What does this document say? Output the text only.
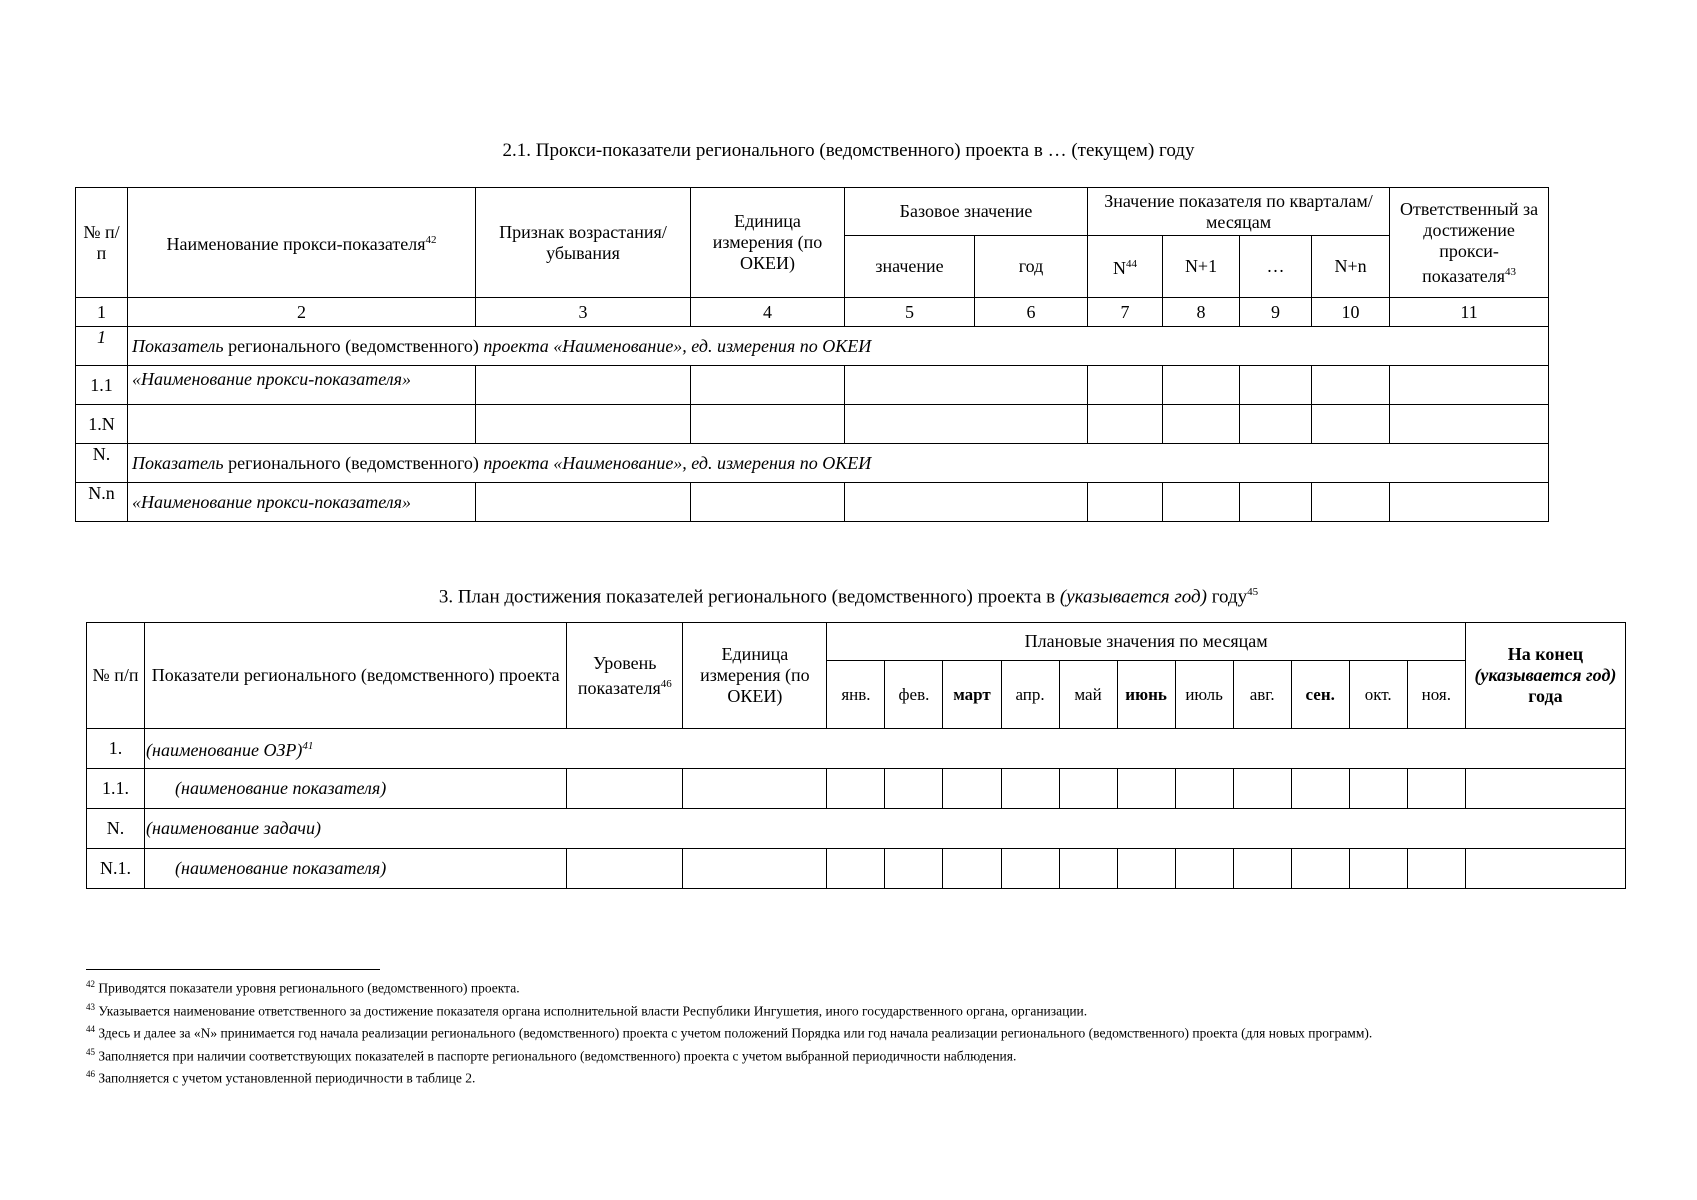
2.1. Прокси-показатели регионального (ведомственного) проекта в … (текущем) году
№ п/п	Наименование прокси-показателя$^{42}$	Признак возрастания/убывания	Единица измерения (по ОКЕИ)	Базовое значение		Значение показателя по кварталам/месяцам				Ответственный за достижение прокси-показателя$^{43}$
				значение	год	$N^{44}$	N+1	…	N+n	
1	2	3	4	5	6	7	8	9	10	11
1	Показатель регионального (ведомственного) проекта «Наименование», ед. измерения по ОКЕИ									
1.1	«Наименование прокси-показателя»									
1.N										
N.	Показатель регионального (ведомственного) проекта «Наименование», ед. измерения по ОКЕИ									
N.n	«Наименование прокси-показателя»									
3. План достижения показателей регионального (ведомственного) проекта в (указывается год) году$^{45}$
№ п/п	Показатели регионального (ведомственного) проекта	Уровень показателя$^{46}$	Единица измерения (по ОКЕИ)	Плановые значения по месяцам											На конец
(указывается год) года
				янв.	фев.	март	апр.	май	июнь	июль	авг.	сен.	окт.	ноя.	
1.	(наименование ОЗР)$^{41}$
1.1.	(наименование показателя)														
N.	(наименование задачи)														
N.1.	(наименование показателя)														

$^{42}$ Приводятся показатели уровня регионального (ведомственного) проекта.

$^{43}$ Указывается наименование ответственного за достижение показателя органа исполнительной власти Республики Ингушетия, иного государственного органа, организации.

$^{44}$ Здесь и далее за «N» принимается год начала реализации регионального (ведомственного) проекта с учетом положений Порядка или год начала реализации регионального (ведомственного) проекта (для новых программ).

$^{45}$ Заполняется при наличии соответствующих показателей в паспорте регионального (ведомственного) проекта с учетом выбранной периодичности наблюдения.

$^{46}$ Заполняется с учетом установленной периодичности в таблице 2.
